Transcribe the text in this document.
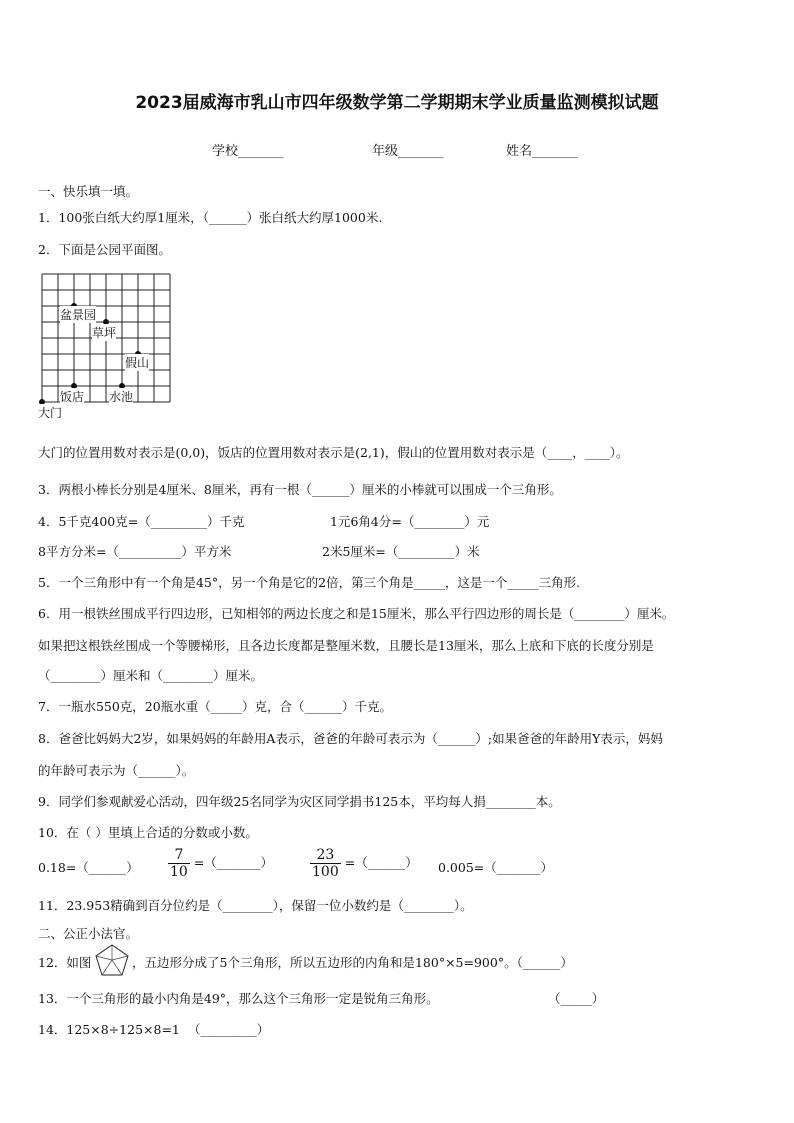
2023届威海市乳山市四年级数学第二学期期末学业质量监测模拟试题
学校_______	年级_______	姓名_______
一、快乐填一填。
1．100张白纸大约厚1厘米，（______）张白纸大约厚1000米.
2．下面是公园平面图。
盆景园
草坪
假山
饭店 水池
大门
大门的位置用数对表示是(0,0)，饭店的位置用数对表示是(2,1)，假山的位置用数对表示是（____，____）。
3．两根小棒长分别是4厘米、8厘米，再有一根（______）厘米的小棒就可以围成一个三角形。
4．5千克400克=（_________）千克	1元6角4分=（________）元
8平方分米=（__________）平方米	2米5厘米=（_________）米
5．一个三角形中有一个角是45°，另一个角是它的2倍，第三个角是_____，这是一个_____三角形.
6．用一根铁丝围成平行四边形，已知相邻的两边长度之和是15厘米，那么平行四边形的周长是（________）厘米。
如果把这根铁丝围成一个等腰梯形，且各边长度都是整厘米数，且腰长是13厘米，那么上底和下底的长度分别是
（________）厘米和（________）厘米。
7．一瓶水550克，20瓶水重（_____）克，合（______）千克。
8．爸爸比妈妈大2岁，如果妈妈的年龄用A表示，爸爸的年龄可表示为（______）;如果爸爸的年龄用Y表示，妈妈
的年龄可表示为（______）。
9．同学们参观献爱心活动，四年级25名同学为灾区同学捐书125本，平均每人捐________本。
10．在（ ）里填上合适的分数或小数。
0.18=（______） $\frac{7}{10}$ =（_______）	$\frac{23}{100}$ =（______） 0.005=（_______）
11．23.953精确到百分位约是（________），保留一位小数约是（________）。
二、公正小法官。
12．如图	，五边形分成了5个三角形，所以五边形的内角和是180°×5=900°。（______）
13．一个三角形的最小内角是49°，那么这个三角形一定是锐角三角形。	（_____）
14．125×8÷125×8=1 （_________）
